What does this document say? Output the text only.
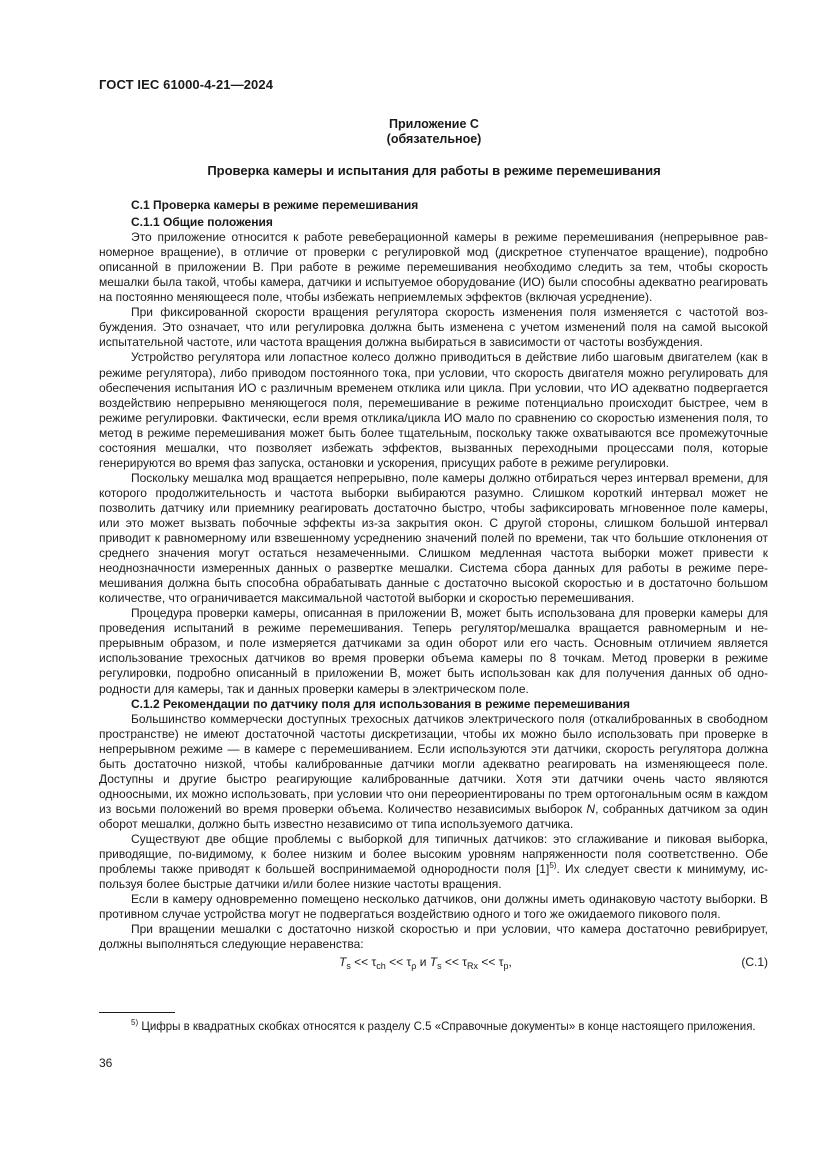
ГОСТ IEC 61000-4-21—2024
Приложение С
(обязательное)
Проверка камеры и испытания для работы в режиме перемешивания
С.1 Проверка камеры в режиме перемешивания
С.1.1 Общие положения

Это приложение относится к работе ревеберационной камеры в режиме перемешивания (непрерывное равномерное вращение), в отличие от проверки с регулировкой мод (дискретное ступенчатое вращение), подробно описанной в приложении В. При работе в режиме перемешивания необходимо следить за тем, чтобы скорость мешалки была такой, чтобы камера, датчики и испытуемое оборудование (ИО) были способны адекватно реагировать на постоянно меняющееся поле, чтобы избежать неприемлемых эффектов (включая усреднение).

При фиксированной скорости вращения регулятора скорость изменения поля изменяется с частотой возбуждения. Это означает, что или регулировка должна быть изменена с учетом изменений поля на самой высокой испытательной частоте, или частота вращения должна выбираться в зависимости от частоты возбуждения.

Устройство регулятора или лопастное колесо должно приводиться в действие либо шаговым двигателем (как в режиме регулятора), либо приводом постоянного тока, при условии, что скорость двигателя можно регулировать для обеспечения испытания ИО с различным временем отклика или цикла. При условии, что ИО адекватно подвергается воздействию непрерывно меняющегося поля, перемешивание в режиме потенциально происходит быстрее, чем в режиме регулировки. Фактически, если время отклика/цикла ИО мало по сравнению со скоростью изменения поля, то метод в режиме перемешивания может быть более тщательным, поскольку также охватываются все промежуточные состояния мешалки, что позволяет избежать эффектов, вызванных переходными процессами поля, которые генерируются во время фаз запуска, остановки и ускорения, присущих работе в режиме регулировки.

Поскольку мешалка мод вращается непрерывно, поле камеры должно отбираться через интервал времени, для которого продолжительность и частота выборки выбираются разумно. Слишком короткий интервал может не позволить датчику или приемнику реагировать достаточно быстро, чтобы зафиксировать мгновенное поле камеры, или это может вызвать побочные эффекты из-за закрытия окон. С другой стороны, слишком большой интервал приводит к равномерному или взвешенному усреднению значений полей по времени, так что большие отклонения от среднего значения могут остаться незамеченными. Слишком медленная частота выборки может привести к неоднозначности измеренных данных о развертке мешалки. Система сбора данных для работы в режиме перемешивания должна быть способна обрабатывать данные с достаточно высокой скоростью и в достаточно большом количестве, что ограничивается максимальной частотой выборки и скоростью перемешивания.

Процедура проверки камеры, описанная в приложении В, может быть использована для проверки камеры для проведения испытаний в режиме перемешивания. Теперь регулятор/мешалка вращается равномерным и непрерывным образом, и поле измеряется датчиками за один оборот или его часть. Основным отличием является использование трехосных датчиков во время проверки объема камеры по 8 точкам. Метод проверки в режиме регулировки, подробно описанный в приложении В, может быть использован как для получения данных об однородности для камеры, так и данных проверки камеры в электрическом поле.

С.1.2 Рекомендации по датчику поля для использования в режиме перемешивания

Большинство коммерчески доступных трехосных датчиков электрического поля (откалиброванных в свободном пространстве) не имеют достаточной частоты дискретизации, чтобы их можно было использовать при проверке в непрерывном режиме — в камере с перемешиванием. Если используются эти датчики, скорость регулятора должна быть достаточно низкой, чтобы калиброванные датчики могли адекватно реагировать на изменяющееся поле. Доступны и другие быстро реагирующие калиброванные датчики. Хотя эти датчики очень часто являются одноосными, их можно использовать, при условии что они переориентированы по трем ортогональным осям в каждом из восьми положений во время проверки объема. Количество независимых выборок N, собранных датчиком за один оборот мешалки, должно быть известно независимо от типа используемого датчика.

Существуют две общие проблемы с выборкой для типичных датчиков: это сглаживание и пиковая выборка, приводящие, по-видимому, к более низким и более высоким уровням напряженности поля соответственно. Обе проблемы также приводят к большей воспринимаемой однородности поля $[1]^{5)}$. Их следует свести к минимуму, используя более быстрые датчики и/или более низкие частоты вращения.

Если в камеру одновременно помещено несколько датчиков, они должны иметь одинаковую частоту выборки. В противном случае устройства могут не подвергаться воздействию одного и того же ожидаемого пикового поля.

При вращении мешалки с достаточно низкой скоростью и при условии, что камера достаточно ревибрирует, должны выполняться следующие неравенства:

$T_s << \tau_{ch} << \tau_\rho$ и $T_s << \tau_{Rx} << \tau_p$,	(С.1)

$^{5)}$ Цифры в квадратных скобках относятся к разделу С.5 «Справочные документы» в конце настоящего приложения.

36
